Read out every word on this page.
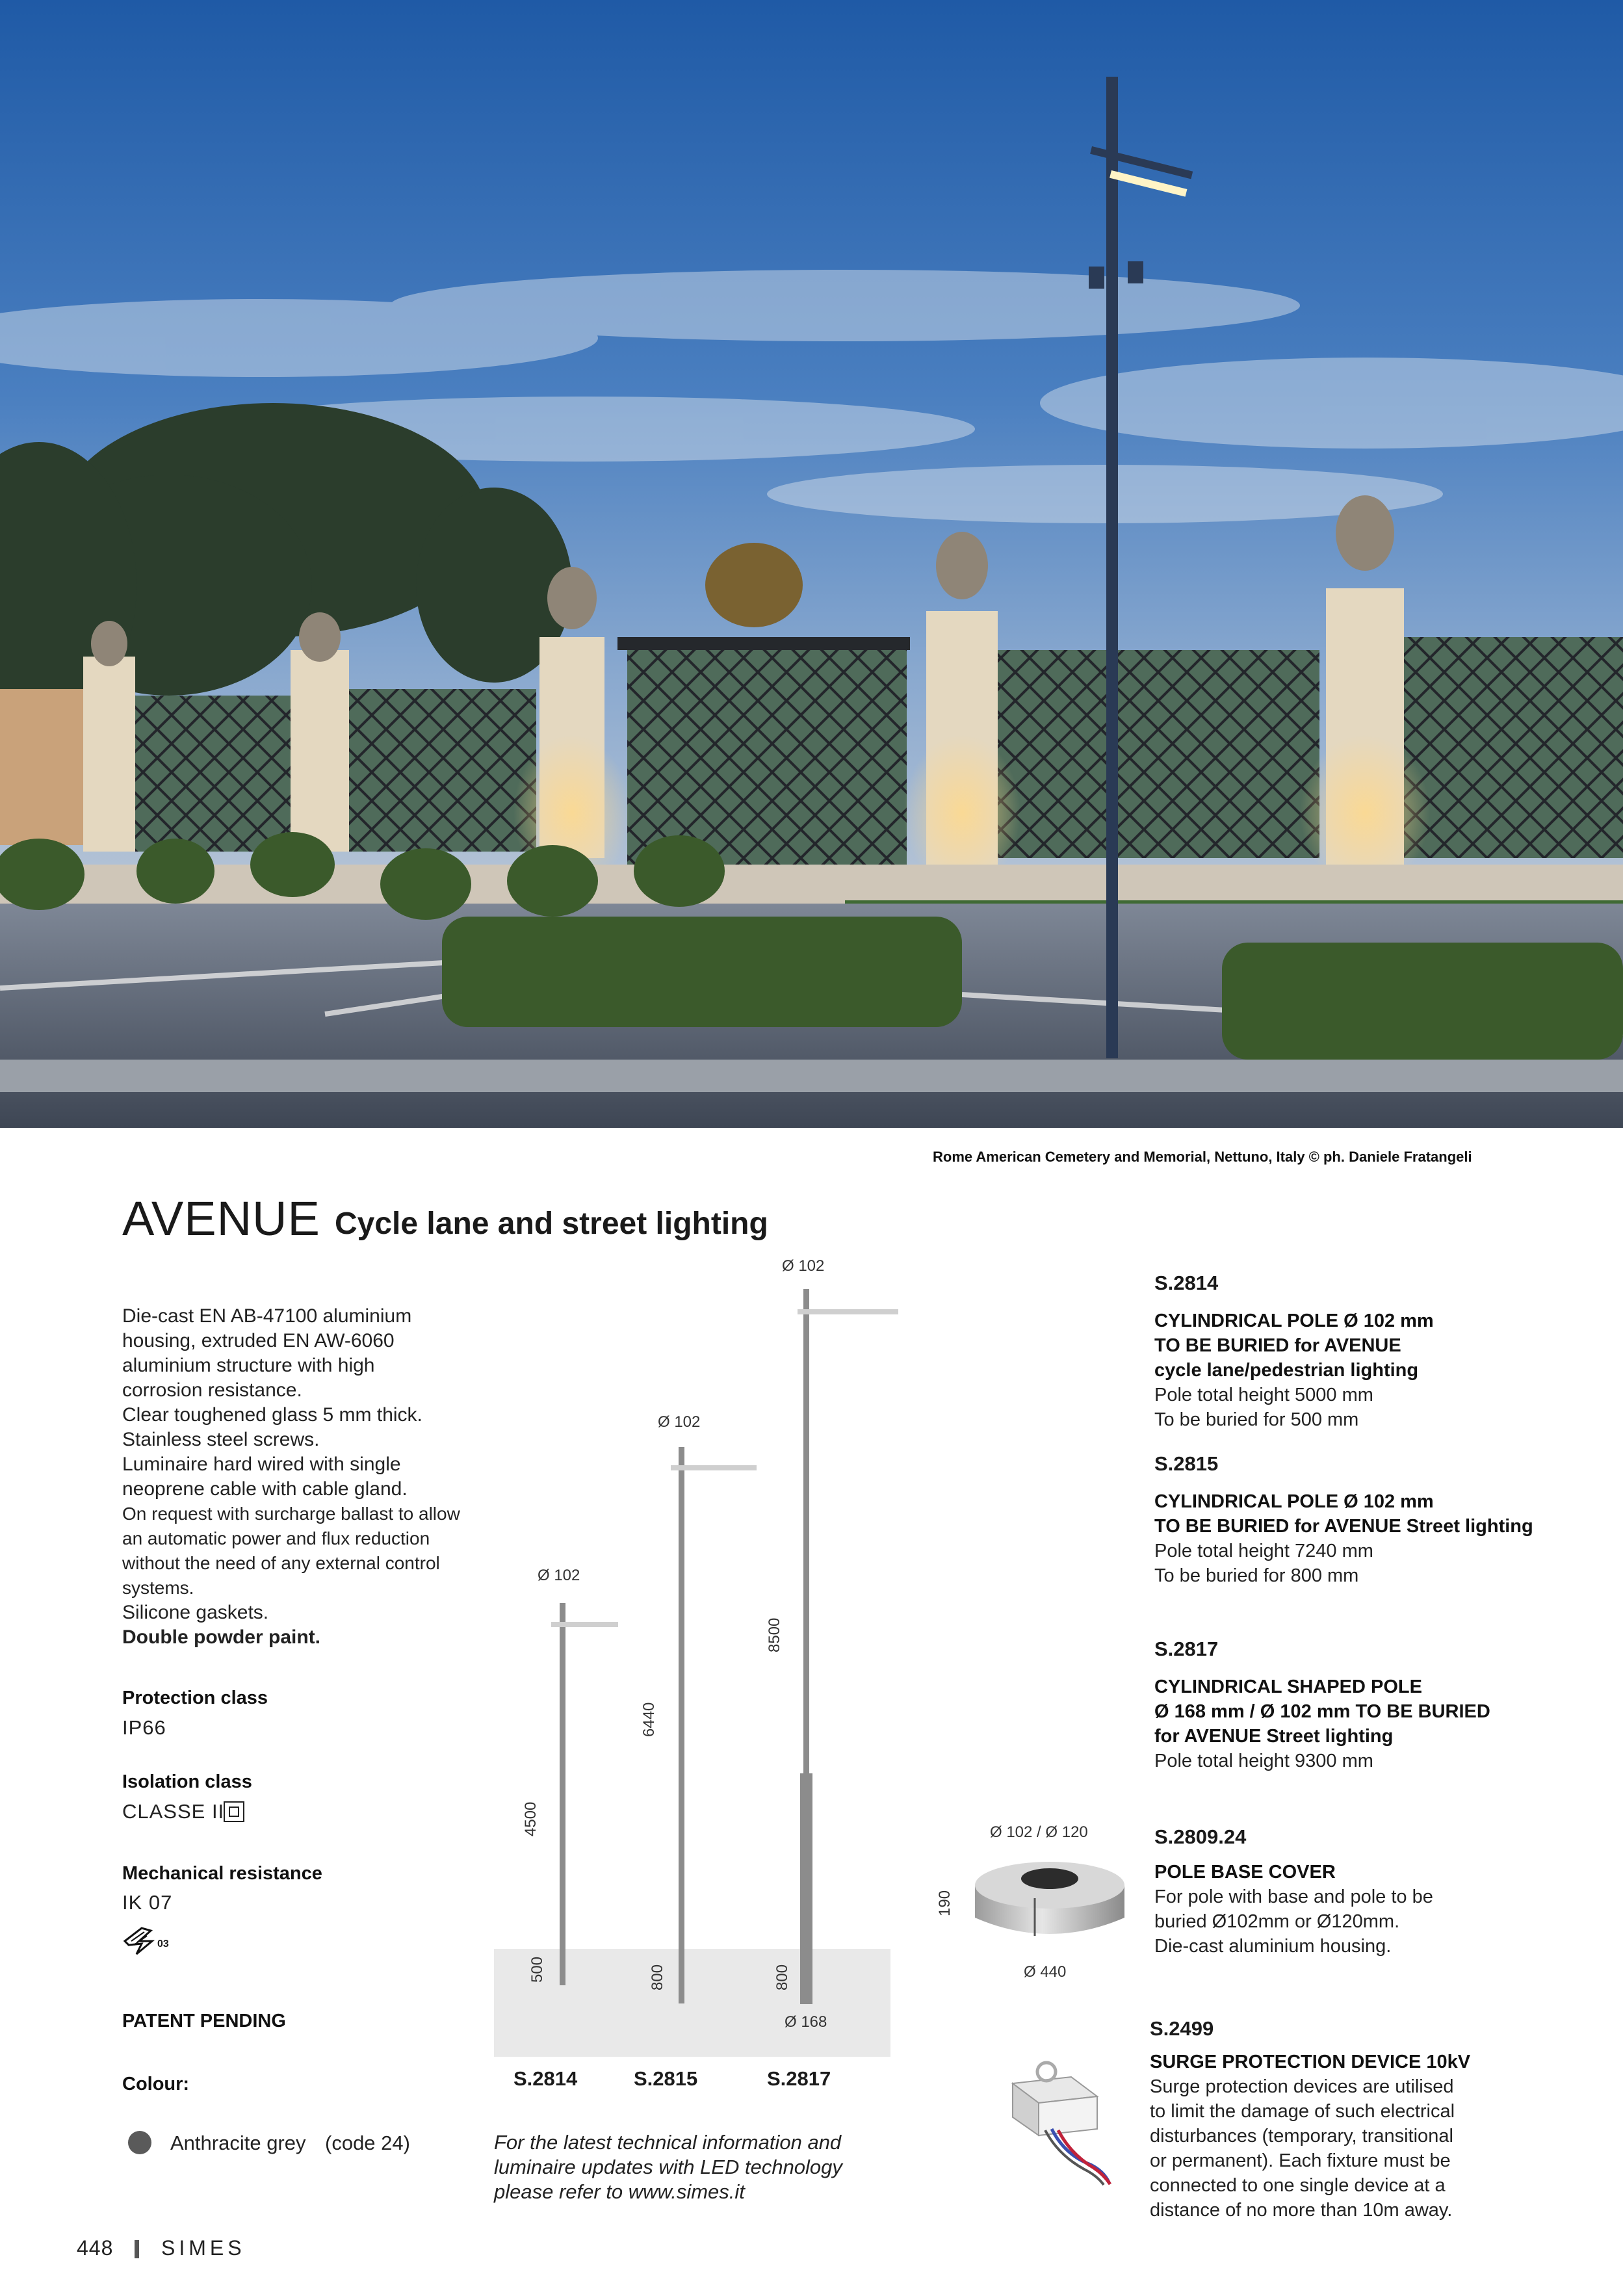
Rome American Cemetery and Memorial, Nettuno, Italy © ph. Daniele Fratangeli
AVENUE Cycle lane and street lighting
Die-cast EN AB-47100 aluminium
housing, extruded EN AW-6060
aluminium structure with high
corrosion resistance.
Clear toughened glass 5 mm thick.
Stainless steel screws.
Luminaire hard wired with single
neoprene cable with cable gland.
On request with surcharge ballast to allow
an automatic power and flux reduction
without the need of any external control
systems.
Silicone gaskets.
Double powder paint.
Protection class
IP66
Isolation class
CLASSE II
Mechanical resistance
IK 07
03
PATENT PENDING
Colour:
Anthracite grey (code 24)
Ø 102
4500
500
Ø 102
6440
800
Ø 102
8500
800
Ø 168
S.2814	S.2815	S.2817
For the latest technical information and
luminaire updates with LED technology
please refer to www.simes.it
Ø 102 / Ø 120
190
Ø 440
S.2814
CYLINDRICAL POLE Ø 102 mm
TO BE BURIED for AVENUE
cycle lane/pedestrian lighting
Pole total height 5000 mm
To be buried for 500 mm
S.2815
CYLINDRICAL POLE Ø 102 mm
TO BE BURIED for AVENUE Street lighting
Pole total height 7240 mm
To be buried for 800 mm
S.2817
CYLINDRICAL SHAPED POLE
Ø 168 mm / Ø 102 mm TO BE BURIED
for AVENUE Street lighting
Pole total height 9300 mm
S.2809.24
POLE BASE COVER
For pole with base and pole to be
buried Ø102mm or Ø120mm.
Die-cast aluminium housing.
S.2499
SURGE PROTECTION DEVICE 10kV
Surge protection devices are utilised
to limit the damage of such electrical
disturbances (temporary, transitional
or permanent). Each fixture must be
connected to one single device at a
distance of no more than 10m away.
448 SIMES
